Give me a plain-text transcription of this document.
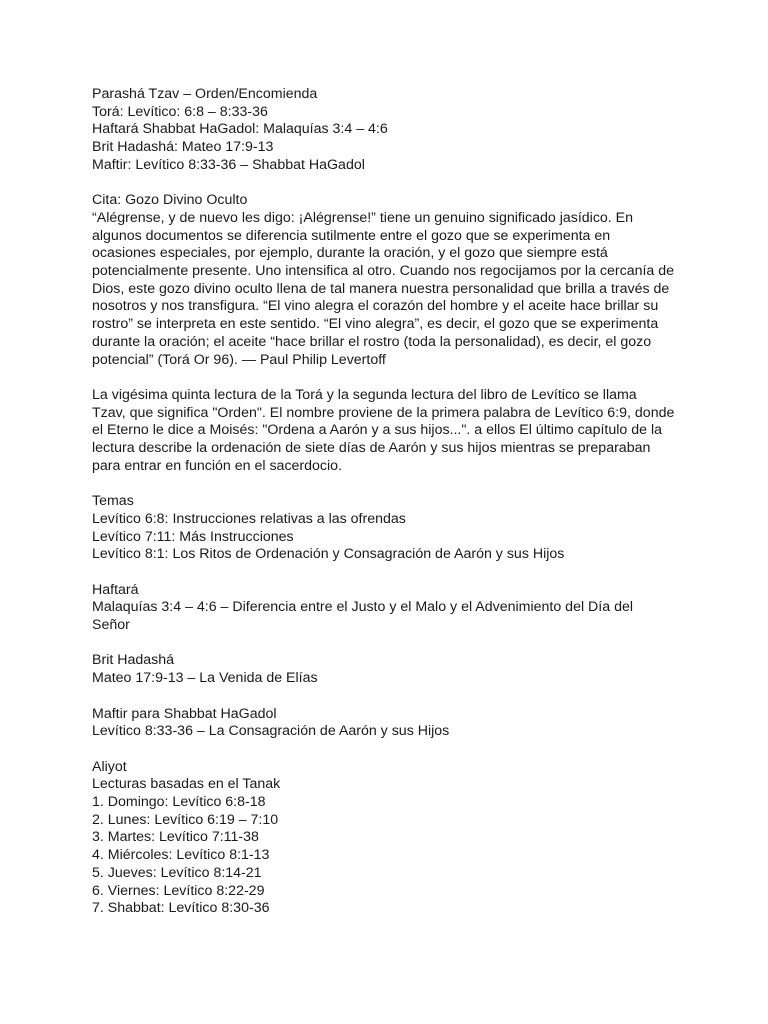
Parashá Tzav – Orden/Encomienda
Torá: Levítico: 6:8 – 8:33-36
Haftará Shabbat HaGadol: Malaquías 3:4 – 4:6
Brit Hadashá: Mateo 17:9-13
Maftir: Levítico 8:33-36 – Shabbat HaGadol
Cita: Gozo Divino Oculto
“Alégrense, y de nuevo les digo: ¡Alégrense!” tiene un genuino significado jasídico. En
algunos documentos se diferencia sutilmente entre el gozo que se experimenta en
ocasiones especiales, por ejemplo, durante la oración, y el gozo que siempre está
potencialmente presente. Uno intensifica al otro. Cuando nos regocijamos por la cercanía de
Dios, este gozo divino oculto llena de tal manera nuestra personalidad que brilla a través de
nosotros y nos transfigura. “El vino alegra el corazón del hombre y el aceite hace brillar su
rostro” se interpreta en este sentido. “El vino alegra”, es decir, el gozo que se experimenta
durante la oración; el aceite “hace brillar el rostro (toda la personalidad), es decir, el gozo
potencial” (Torá Or 96). — Paul Philip Levertoff
La vigésima quinta lectura de la Torá y la segunda lectura del libro de Levítico se llama
Tzav, que significa "Orden". El nombre proviene de la primera palabra de Levítico 6:9, donde
el Eterno le dice a Moisés: "Ordena a Aarón y a sus hijos...". a ellos El último capítulo de la
lectura describe la ordenación de siete días de Aarón y sus hijos mientras se preparaban
para entrar en función en el sacerdocio.
Temas
Levítico 6:8: Instrucciones relativas a las ofrendas
Levítico 7:11: Más Instrucciones
Levítico 8:1: Los Ritos de Ordenación y Consagración de Aarón y sus Hijos
Haftará
Malaquías 3:4 – 4:6 – Diferencia entre el Justo y el Malo y el Advenimiento del Día del
Señor
Brit Hadashá
Mateo 17:9-13 – La Venida de Elías
Maftir para Shabbat HaGadol
Levítico 8:33-36 – La Consagración de Aarón y sus Hijos
Aliyot
Lecturas basadas en el Tanak
1. Domingo: Levítico 6:8-18
2. Lunes: Levítico 6:19 – 7:10
3. Martes: Levítico 7:11-38
4. Miércoles: Levítico 8:1-13
5. Jueves: Levítico 8:14-21
6. Viernes: Levítico 8:22-29
7. Shabbat: Levítico 8:30-36
